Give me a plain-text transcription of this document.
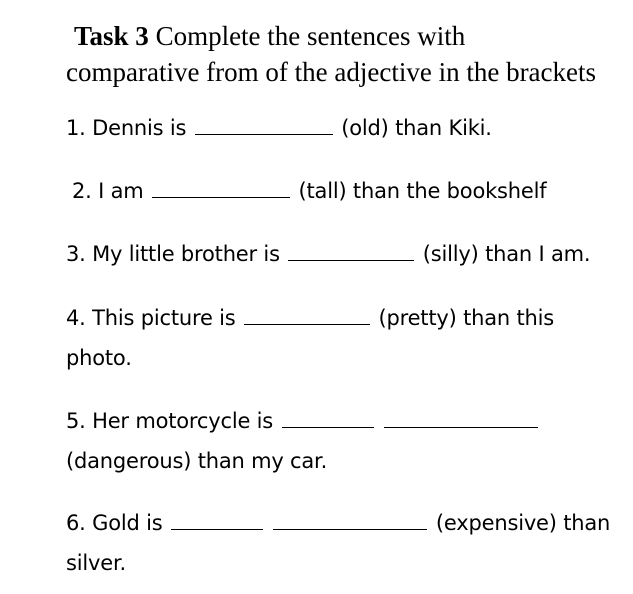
Task 3 Complete the sentences with
comparative from of the adjective in the brackets
1. Dennis is	(old) than Kiki.
2. I am	(tall) than the bookshelf
3. My little brother is	(silly) than I am.
4. This picture is	(pretty) than this
photo.
5. Her motorcycle is
(dangerous) than my car.
6. Gold is	(expensive) than
silver.
